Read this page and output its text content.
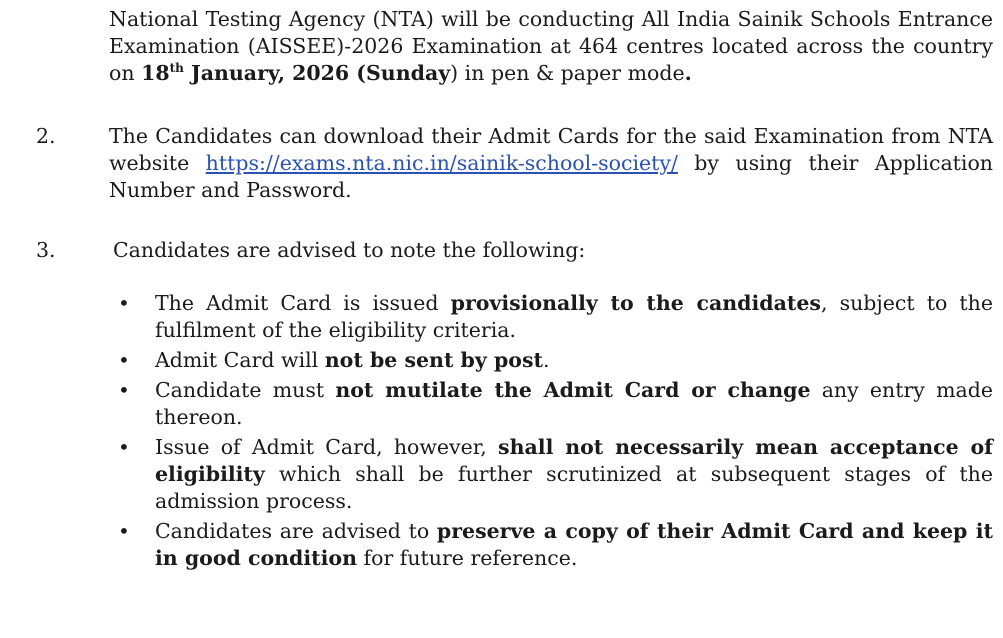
National Testing Agency (NTA) will be conducting All India Sainik Schools Entrance Examination (AISSEE)-2026 Examination at 464 centres located across the country on 18th January, 2026 (Sunday) in pen & paper mode.

2.	The Candidates can download their Admit Cards for the said Examination from NTA website https://exams.nta.nic.in/sainik-school-society/ by using their Application Number and Password.

3.	Candidates are advised to note the following:

• The Admit Card is issued provisionally to the candidates, subject to the fulfilment of the eligibility criteria.
• Admit Card will not be sent by post.
• Candidate must not mutilate the Admit Card or change any entry made thereon.
• Issue of Admit Card, however, shall not necessarily mean acceptance of eligibility which shall be further scrutinized at subsequent stages of the admission process.
• Candidates are advised to preserve a copy of their Admit Card and keep it in good condition for future reference.
